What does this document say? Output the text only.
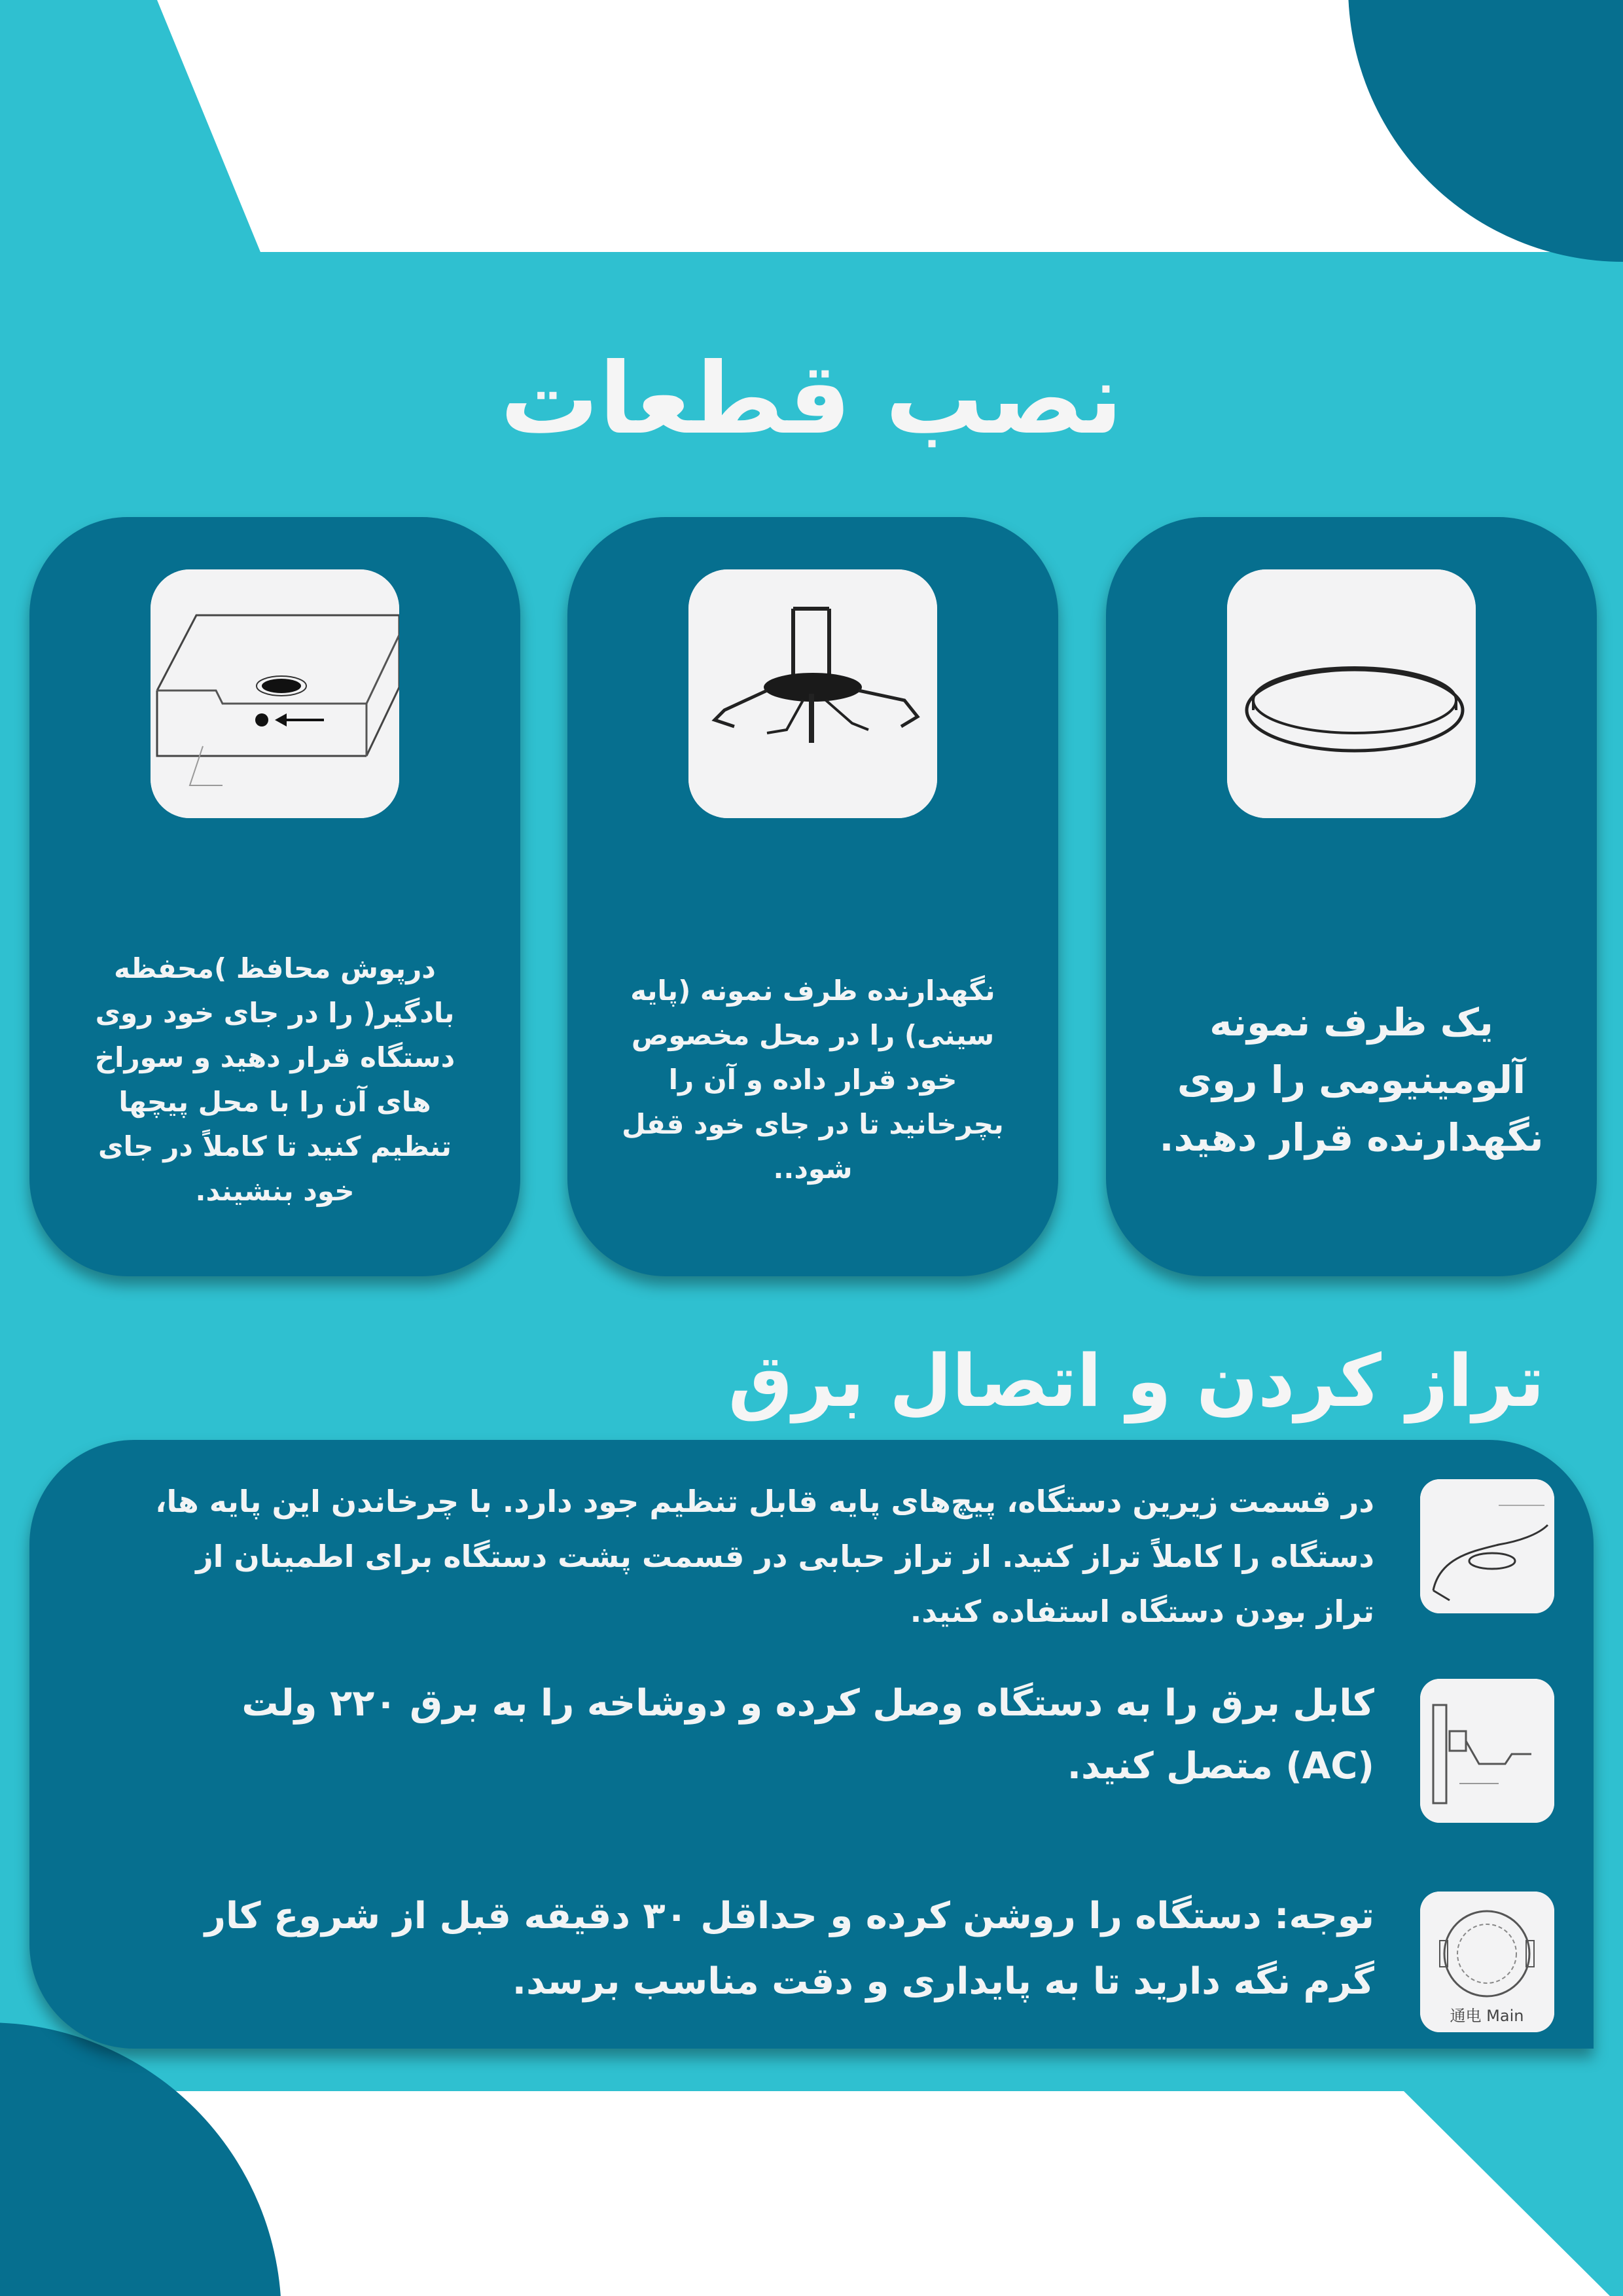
نصب قطعات
یک ظرف نمونه آلومینیومی را روی نگهدارنده قرار دهید.
نگهدارنده ظرف نمونه (پایه سینی) را در محل مخصوص خود قرار داده و آن را بچرخانید تا در جای خود قفل شود..
درپوش محافظ )محفظه بادگیر( را در جای خود روی دستگاه قرار دهید و سوراخ های آن را با محل پیچها تنظیم کنید تا کاملاً در جای خود بنشیند.
تراز کردن و اتصال برق
در قسمت زیرین دستگاه، پیچ‌های پایه قابل تنظیم جود دارد. با چرخاندن این پایه ها، دستگاه را کاملاً تراز کنید. از تراز حبابی در قسمت پشت دستگاه برای اطمینان از تراز بودن دستگاه استفاده کنید.
کابل برق را به دستگاه وصل کرده و دوشاخه را به برق ۲۲۰ ولت (AC) متصل کنید.
通电 Main
توجه: دستگاه را روشن کرده و حداقل ۳۰ دقیقه قبل از شروع کار گرم نگه دارید تا به پایداری و دقت مناسب برسد.
